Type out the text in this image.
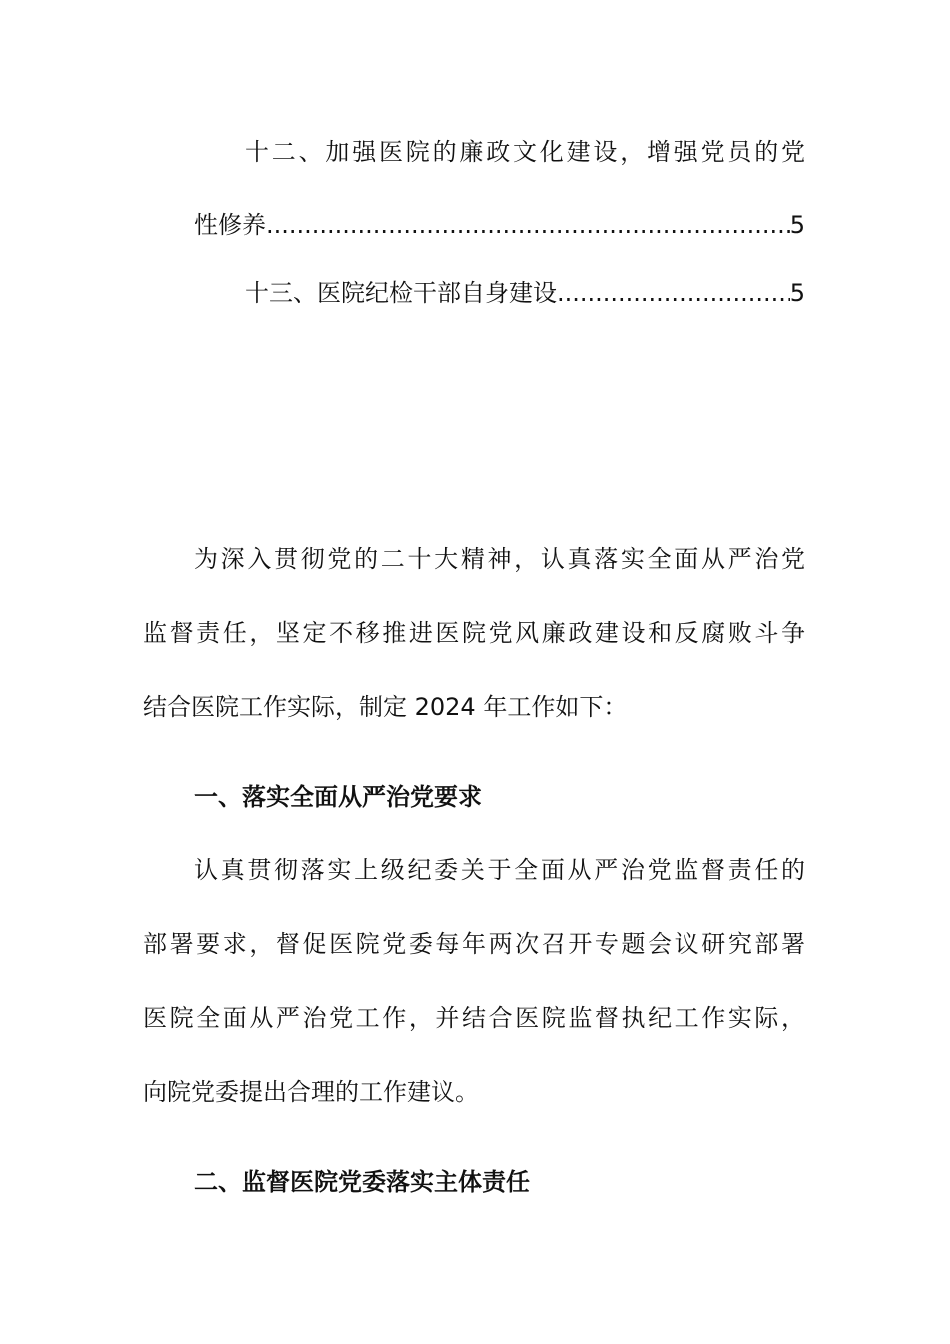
十二、加强医院的廉政文化建设，增强党员的党
性修养 .....	5
十三、医院纪检干部自身建设 .....	5
为深入贯彻党的二十大精神，认真落实全面从严治党
监督责任，坚定不移推进医院党风廉政建设和反腐败斗争
结合医院工作实际，制定 2024 年工作如下：
一、落实全面从严治党要求
认真贯彻落实上级纪委关于全面从严治党监督责任的
部署要求，督促医院党委每年两次召开专题会议研究部署
医院全面从严治党工作，并结合医院监督执纪工作实际，
向院党委提出合理的工作建议。
二、监督医院党委落实主体责任
